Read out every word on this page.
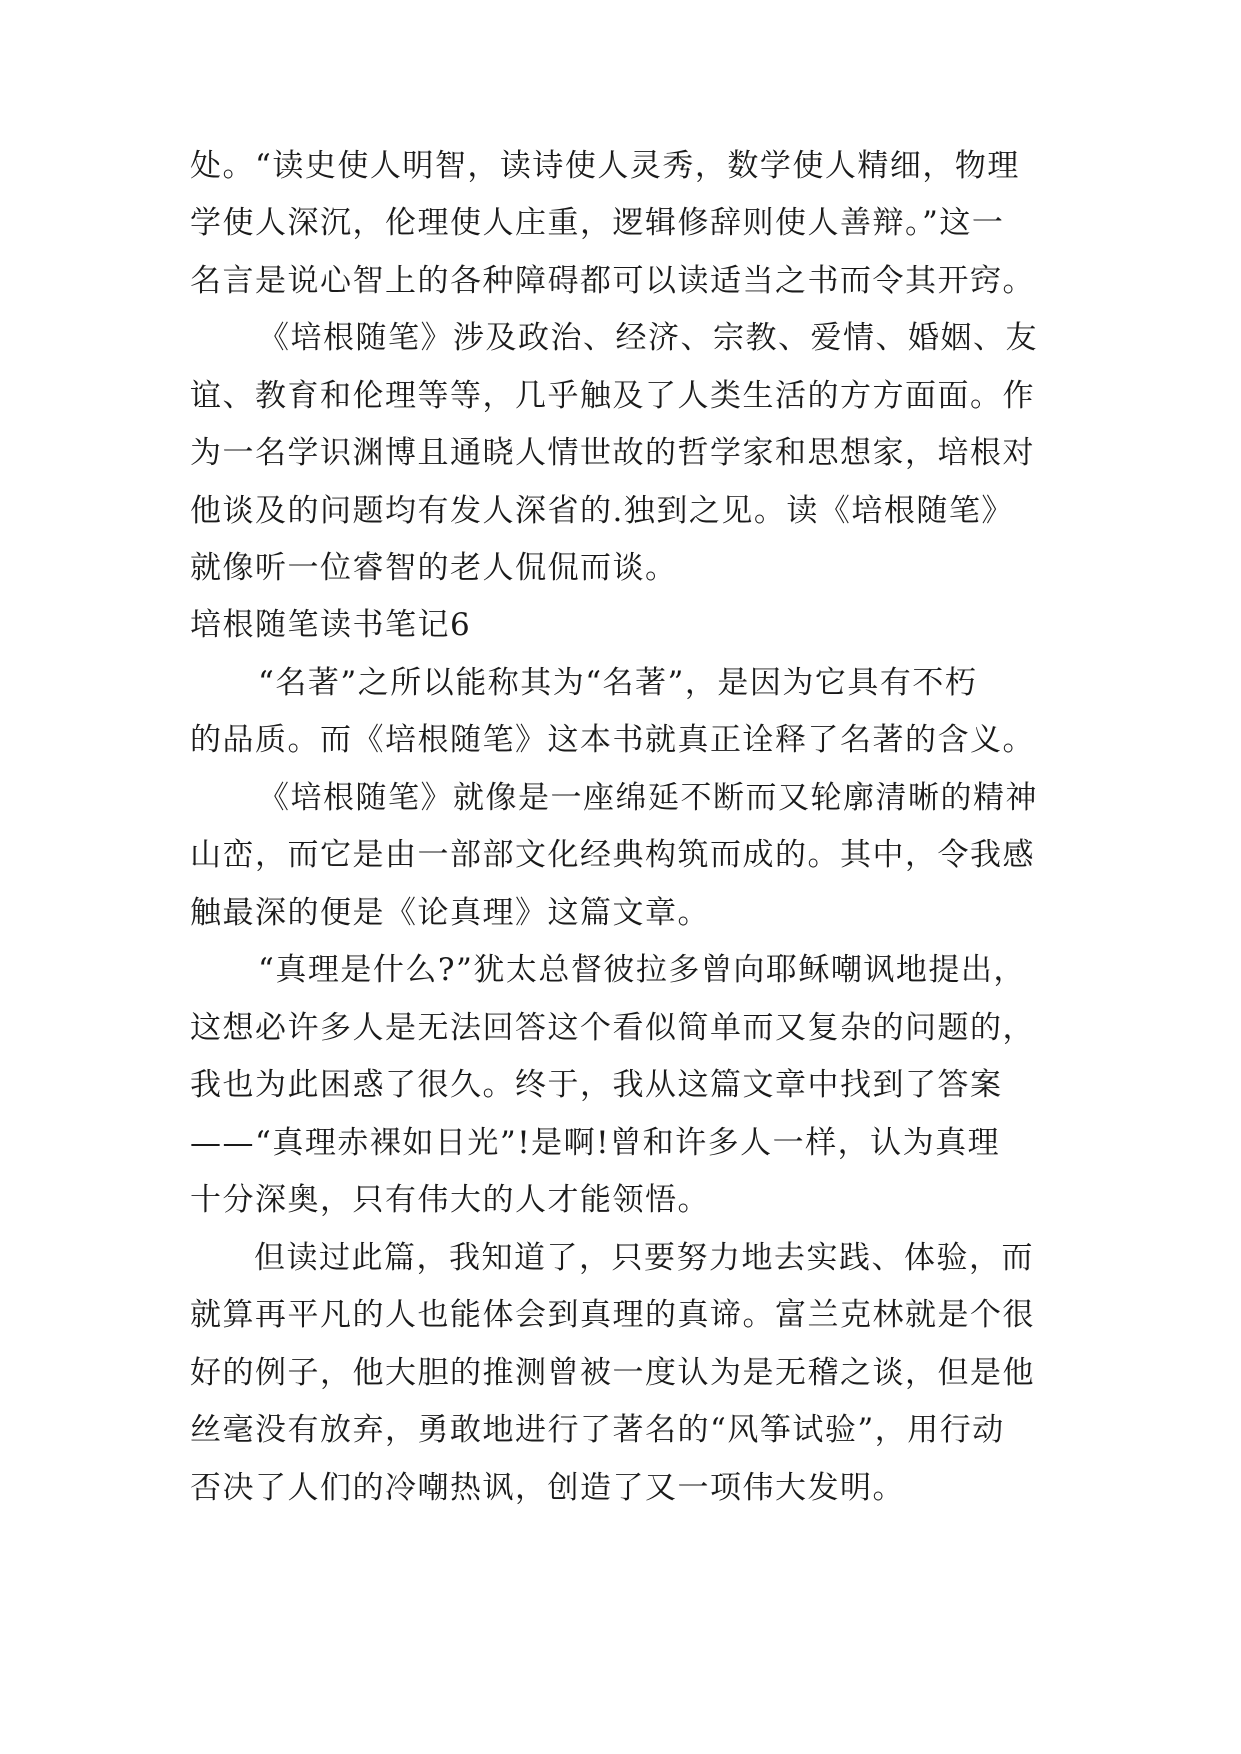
处。“读史使人明智，读诗使人灵秀，数学使人精细，物理
学使人深沉，伦理使人庄重，逻辑修辞则使人善辩。”这一
名言是说心智上的各种障碍都可以读适当之书而令其开窍。
《培根随笔》涉及政治、经济、宗教、爱情、婚姻、友
谊、教育和伦理等等，几乎触及了人类生活的方方面面。作
为一名学识渊博且通晓人情世故的哲学家和思想家，培根对
他谈及的问题均有发人深省的.独到之见。读《培根随笔》
就像听一位睿智的老人侃侃而谈。
培根随笔读书笔记6
“名著”之所以能称其为“名著”，是因为它具有不朽
的品质。而《培根随笔》这本书就真正诠释了名著的含义。
《培根随笔》就像是一座绵延不断而又轮廓清晰的精神
山峦，而它是由一部部文化经典构筑而成的。其中，令我感
触最深的便是《论真理》这篇文章。
“真理是什么?”犹太总督彼拉多曾向耶稣嘲讽地提出，
这想必许多人是无法回答这个看似简单而又复杂的问题的，
我也为此困惑了很久。终于，我从这篇文章中找到了答案
——“真理赤裸如日光”!是啊!曾和许多人一样，认为真理
十分深奥，只有伟大的人才能领悟。
但读过此篇，我知道了，只要努力地去实践、体验，而
就算再平凡的人也能体会到真理的真谛。富兰克林就是个很
好的例子，他大胆的推测曾被一度认为是无稽之谈，但是他
丝毫没有放弃，勇敢地进行了著名的“风筝试验”，用行动
否决了人们的冷嘲热讽，创造了又一项伟大发明。
